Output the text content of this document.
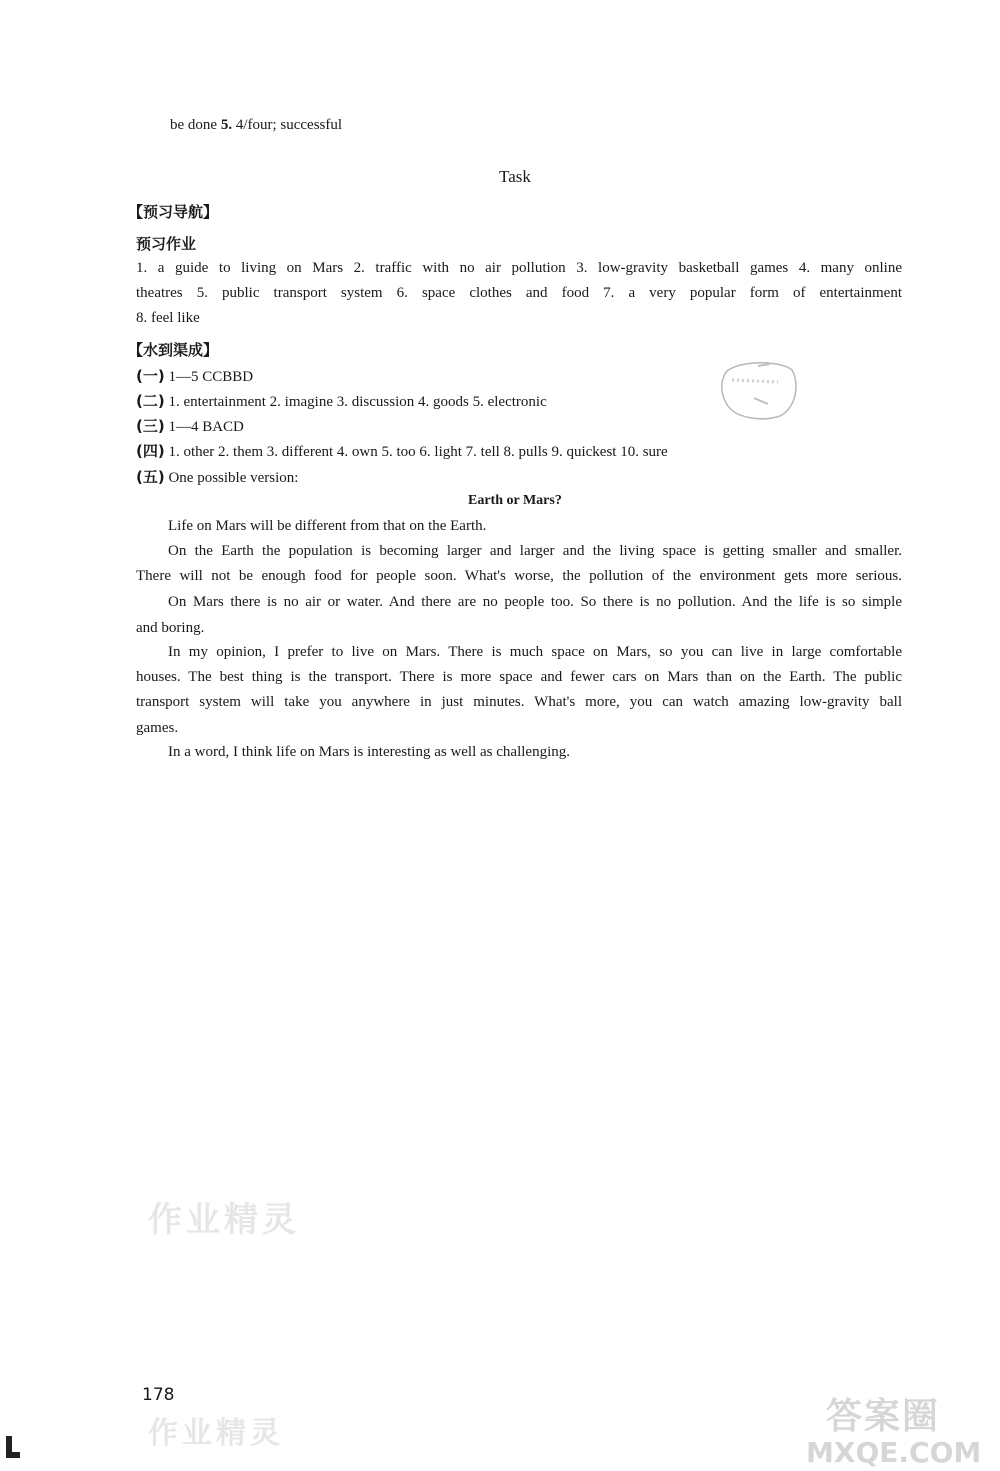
be done 5. 4/four; successful
Task
【预习导航】
预习作业
1. a guide to living on Mars 2. traffic with no air pollution 3. low-gravity basketball games 4. many online
theatres 5. public transport system 6. space clothes and food 7. a very popular form of entertainment
8. feel like
【水到渠成】
(一) 1—5 CCBBD
(二) 1. entertainment 2. imagine 3. discussion 4. goods 5. electronic
(三) 1—4 BACD
(四) 1. other 2. them 3. different 4. own 5. too 6. light 7. tell 8. pulls 9. quickest 10. sure
(五) One possible version:
Earth or Mars?
Life on Mars will be different from that on the Earth.
On the Earth the population is becoming larger and larger and the living space is getting smaller and smaller.
There will not be enough food for people soon. What's worse, the pollution of the environment gets more serious.
On Mars there is no air or water. And there are no people too. So there is no pollution. And the life is so simple
and boring.
In my opinion, I prefer to live on Mars. There is much space on Mars, so you can live in large comfortable
houses. The best thing is the transport. There is more space and fewer cars on Mars than on the Earth. The public
transport system will take you anywhere in just minutes. What's more, you can watch amazing low-gravity ball
games.
In a word, I think life on Mars is interesting as well as challenging.
作业精灵
作业精灵
178
答案圈
MXQE.COM
